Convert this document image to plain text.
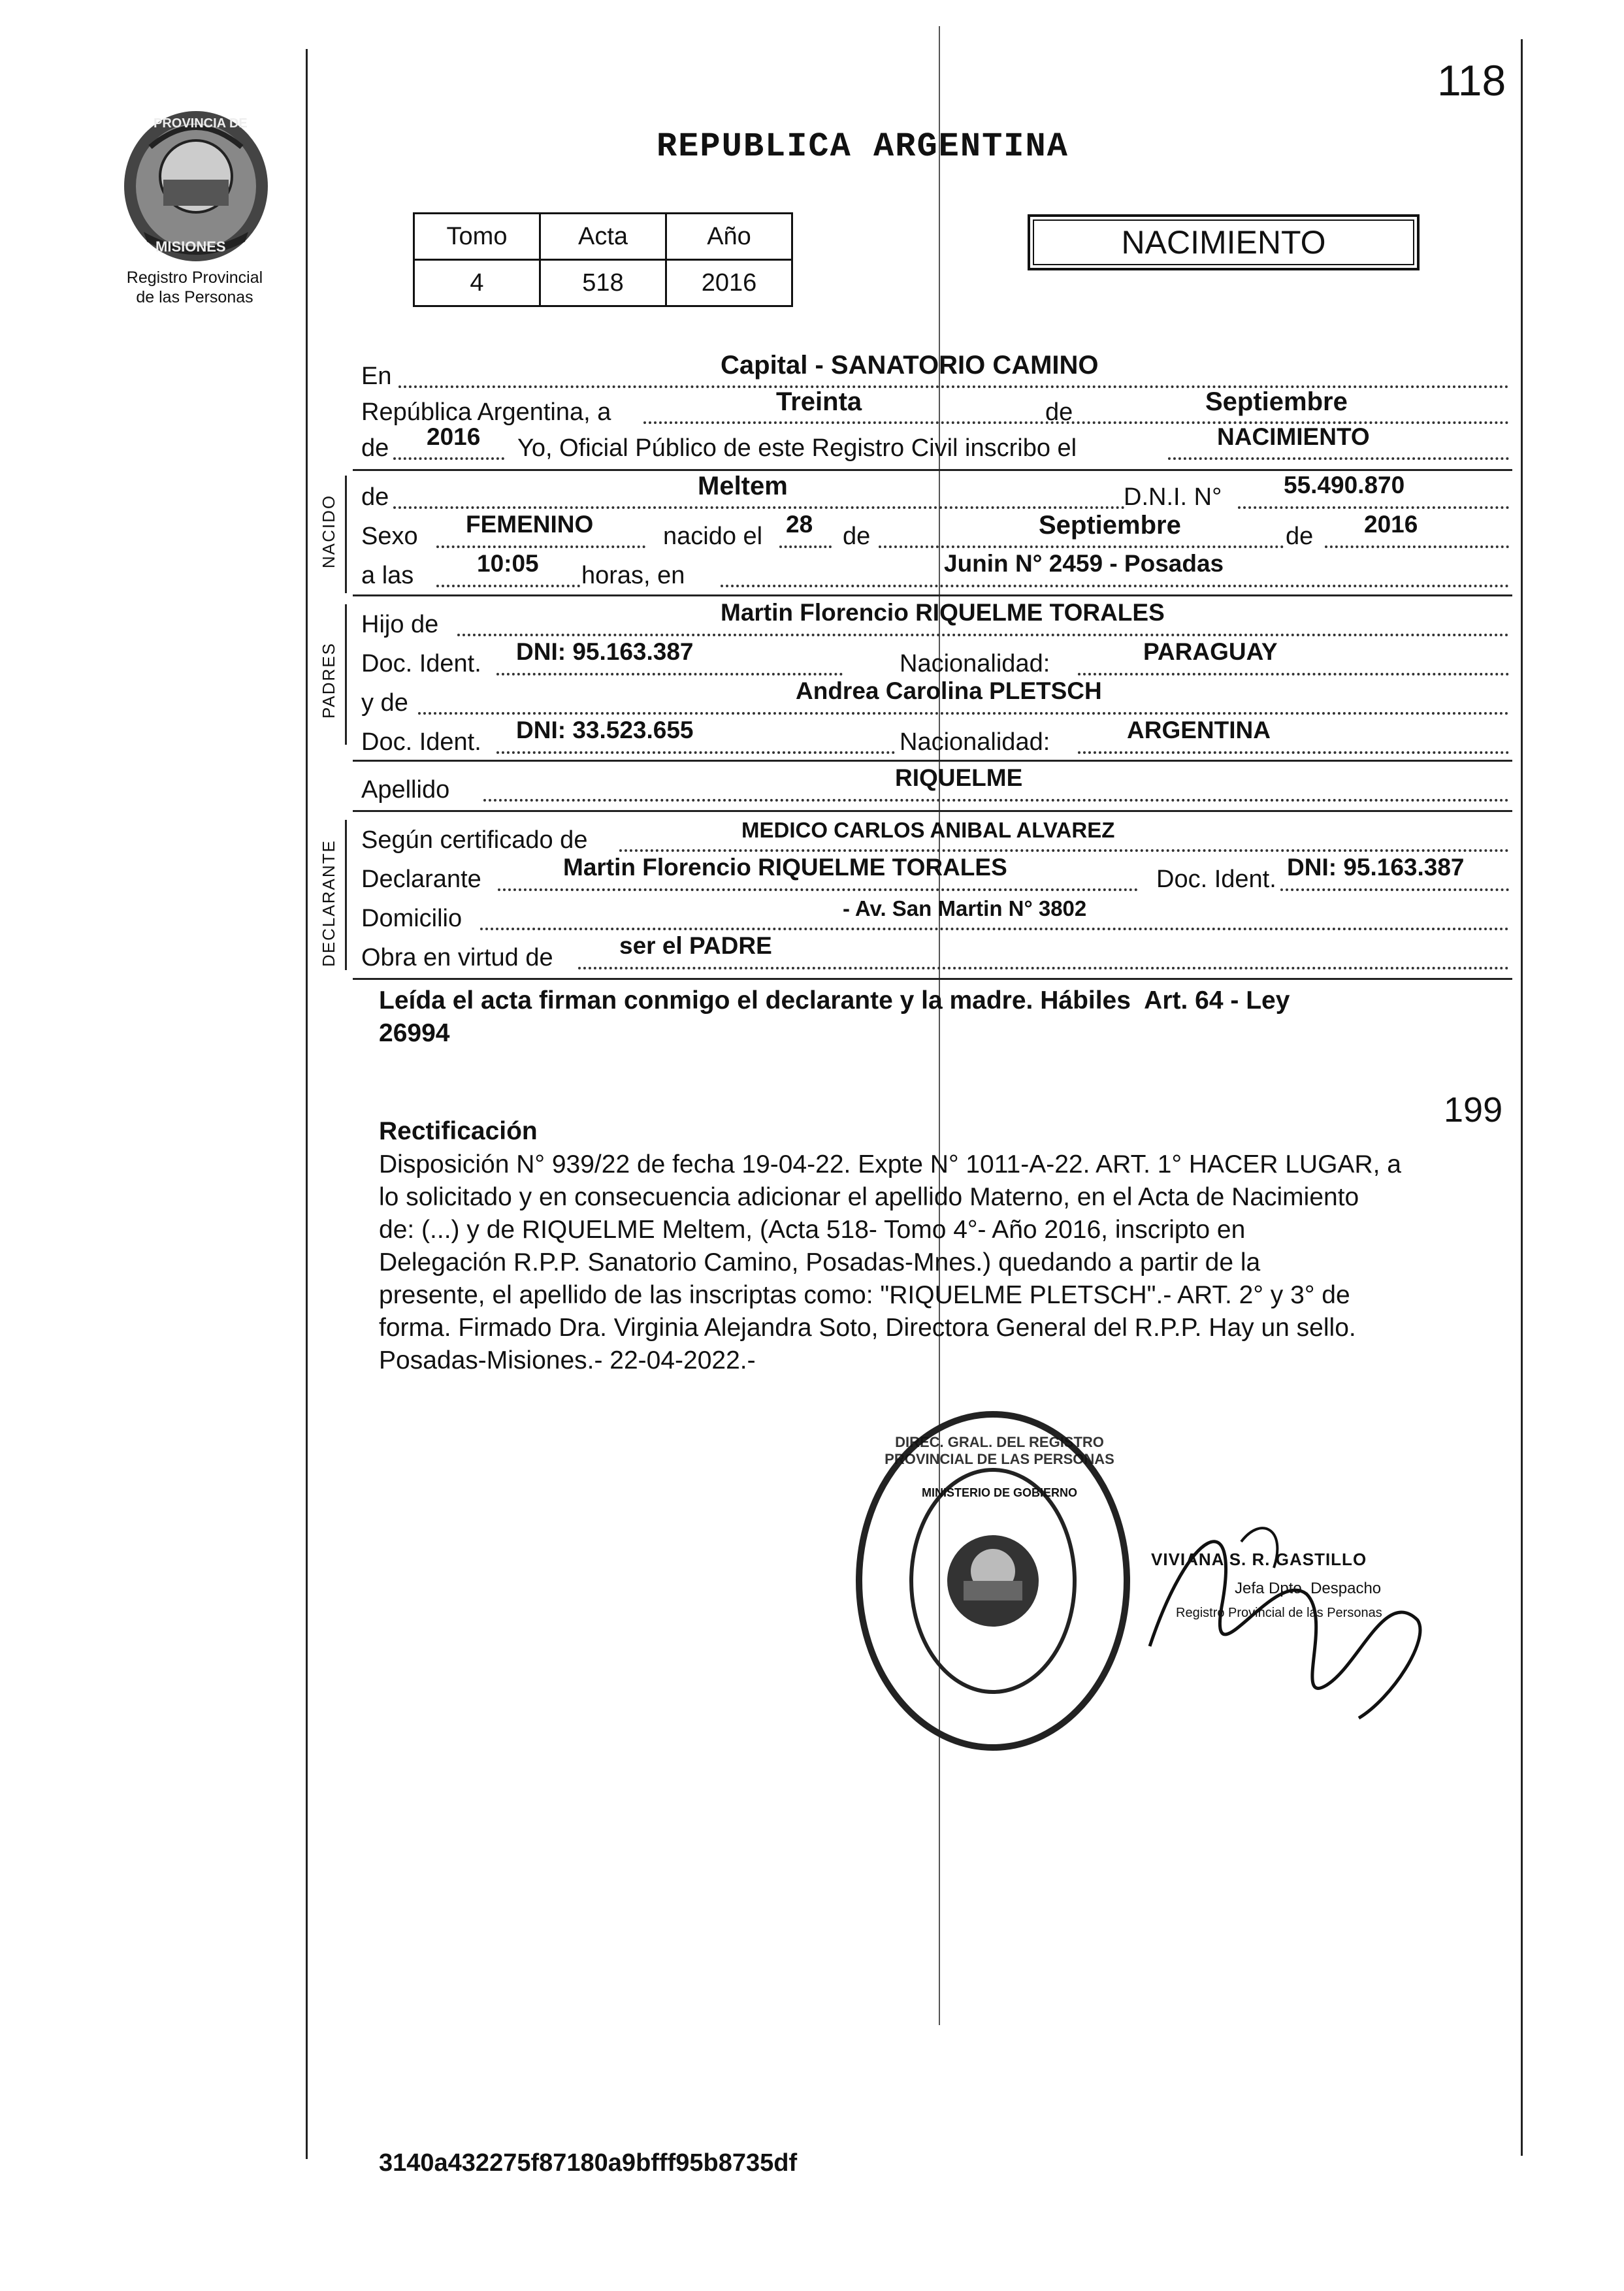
118
PROVINCIA DE
MISIONES
Registro Provincial
de las Personas
REPUBLICA ARGENTINA
Tomo	Acta	Año
4	518	2016
NACIMIENTO
En	Capital - SANATORIO CAMINO
República Argentina, a	Treinta	de	Septiembre
de 2016 Yo, Oficial Público de este Registro Civil inscribo el	NACIMIENTO
NACIDO de	Meltem	D.N.I. N°	55.490.870
Sexo FEMENINO	nacido el 28 de	Septiembre	de 2016
a las	10:05 horas, en	Junin N° 2459 - Posadas
PADRES
Hijo de	Martin Florencio RIQUELME TORALES
Doc. Ident. DNI: 95.163.387	Nacionalidad:	PARAGUAY
y de	Andrea Carolina PLETSCH
Doc. Ident. DNI: 33.523.655	Nacionalidad:	ARGENTINA
Apellido	RIQUELME
DECLARANTE Según certificado de	MEDICO CARLOS ANIBAL ALVAREZ
Declarante	Martin Florencio RIQUELME TORALES	Doc. Ident. DNI: 95.163.387
Domicilio	- Av. San Martin N° 3802
Obra en virtud de	ser el PADRE
Leída el acta firman conmigo el declarante y la madre. Hábiles  Art. 64 - Ley
26994
199
Rectificación
Disposición N° 939/22 de fecha 19-04-22. Expte N° 1011-A-22. ART. 1° HACER LUGAR, a
lo solicitado y en consecuencia adicionar el apellido Materno, en el Acta de Nacimiento
de: (...) y de RIQUELME Meltem, (Acta 518- Tomo 4°- Año 2016, inscripto en
Delegación R.P.P. Sanatorio Camino, Posadas-Mnes.) quedando a partir de la
presente, el apellido de las inscriptas como: "RIQUELME PLETSCH".- ART. 2° y 3° de
forma. Firmado Dra. Virginia Alejandra Soto, Directora General del R.P.P. Hay un sello.
Posadas-Misiones.- 22-04-2022.-
DIREC. GRAL. DEL REGISTRO PROVINCIAL DE LAS PERSONAS
MINISTERIO DE GOBIERNO
VIVIANA S. R. GASTILLO
Jefa Dpto. Despacho
Registro Provincial de las Personas
3140a432275f87180a9bfff95b8735df
